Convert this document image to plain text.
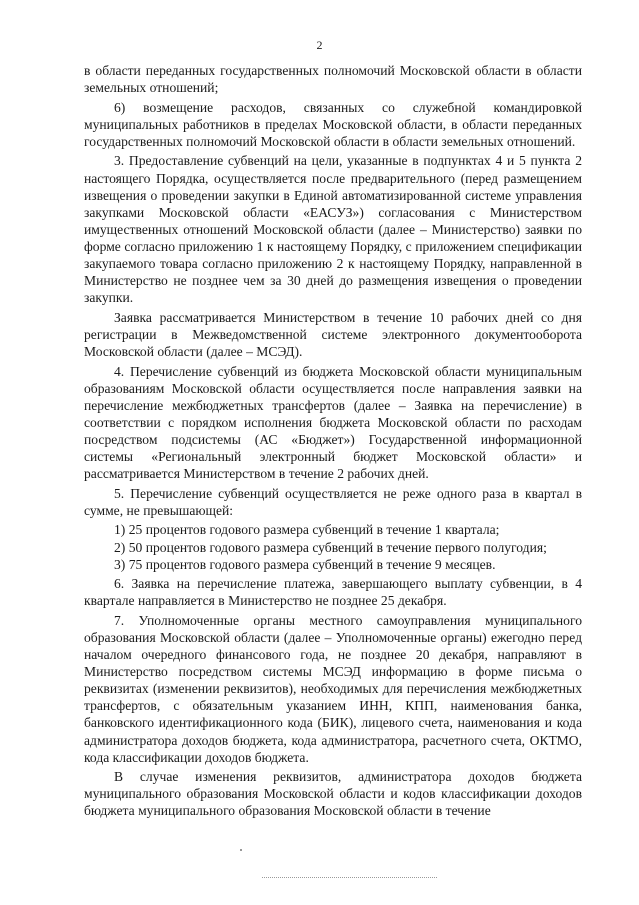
2

в области переданных государственных полномочий Московской области в области земельных отношений;

6) возмещение расходов, связанных со служебной командировкой муниципальных работников в пределах Московской области, в области переданных государственных полномочий Московской области в области земельных отношений.

3. Предоставление субвенций на цели, указанные в подпунктах 4 и 5 пункта 2 настоящего Порядка, осуществляется после предварительного (перед размещением извещения о проведении закупки в Единой автоматизированной системе управления закупками Московской области «ЕАСУЗ») согласования с Министерством имущественных отношений Московской области (далее – Министерство) заявки по форме согласно приложению 1 к настоящему Порядку, с приложением спецификации закупаемого товара согласно приложению 2 к настоящему Порядку, направленной в Министерство не позднее чем за 30 дней до размещения извещения о проведении закупки.

Заявка рассматривается Министерством в течение 10 рабочих дней со дня регистрации в Межведомственной системе электронного документооборота Московской области (далее – МСЭД).

4. Перечисление субвенций из бюджета Московской области муниципальным образованиям Московской области осуществляется после направления заявки на перечисление межбюджетных трансфертов (далее – Заявка на перечисление) в соответствии с порядком исполнения бюджета Московской области по расходам посредством подсистемы (АС «Бюджет») Государственной информационной системы «Региональный электронный бюджет Московской области» и рассматривается Министерством в течение 2 рабочих дней.

5. Перечисление субвенций осуществляется не реже одного раза в квартал в сумме, не превышающей:

1) 25 процентов годового размера субвенций в течение 1 квартала;

2) 50 процентов годового размера субвенций в течение первого полугодия;

3) 75 процентов годового размера субвенций в течение 9 месяцев.

6. Заявка на перечисление платежа, завершающего выплату субвенции, в 4 квартале направляется в Министерство не позднее 25 декабря.

7. Уполномоченные органы местного самоуправления муниципального образования Московской области (далее – Уполномоченные органы) ежегодно перед началом очередного финансового года, не позднее 20 декабря, направляют в Министерство посредством системы МСЭД информацию в форме письма о реквизитах (изменении реквизитов), необходимых для перечисления межбюджетных трансфертов, с обязательным указанием ИНН, КПП, наименования банка, банковского идентификационного кода (БИК), лицевого счета, наименования и кода администратора доходов бюджета, кода администратора, расчетного счета, ОКТМО, кода классификации доходов бюджета.

В случае изменения реквизитов, администратора доходов бюджета муниципального образования Московской области и кодов классификации доходов бюджета муниципального образования Московской области в течение
